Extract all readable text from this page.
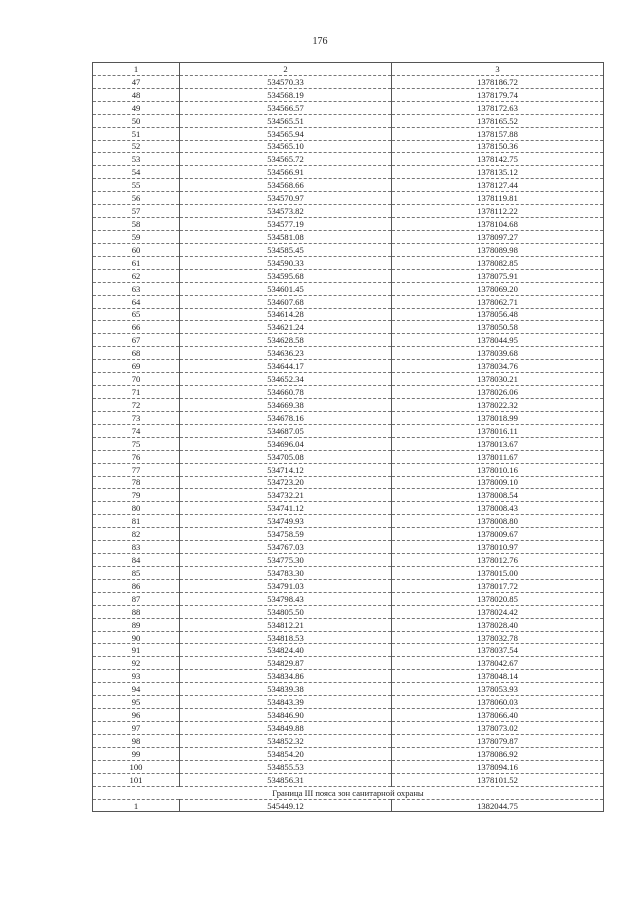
176
1	2	3
47	534570.33	1378186.72
48	534568.19	1378179.74
49	534566.57	1378172.63
50	534565.51	1378165.52
51	534565.94	1378157.88
52	534565.10	1378150.36
53	534565.72	1378142.75
54	534566.91	1378135.12
55	534568.66	1378127.44
56	534570.97	1378119.81
57	534573.82	1378112.22
58	534577.19	1378104.68
59	534581.08	1378097.27
60	534585.45	1378089.98
61	534590.33	1378082.85
62	534595.68	1378075.91
63	534601.45	1378069.20
64	534607.68	1378062.71
65	534614.28	1378056.48
66	534621.24	1378050.58
67	534628.58	1378044.95
68	534636.23	1378039.68
69	534644.17	1378034.76
70	534652.34	1378030.21
71	534660.78	1378026.06
72	534669.38	1378022.32
73	534678.16	1378018.99
74	534687.05	1378016.11
75	534696.04	1378013.67
76	534705.08	1378011.67
77	534714.12	1378010.16
78	534723.20	1378009.10
79	534732.21	1378008.54
80	534741.12	1378008.43
81	534749.93	1378008.80
82	534758.59	1378009.67
83	534767.03	1378010.97
84	534775.30	1378012.76
85	534783.30	1378015.00
86	534791.03	1378017.72
87	534798.43	1378020.85
88	534805.50	1378024.42
89	534812.21	1378028.40
90	534818.53	1378032.78
91	534824.40	1378037.54
92	534829.87	1378042.67
93	534834.86	1378048.14
94	534839.38	1378053.93
95	534843.39	1378060.03
96	534846.90	1378066.40
97	534849.88	1378073.02
98	534852.32	1378079.87
99	534854.20	1378086.92
100	534855.53	1378094.16
101	534856.31	1378101.52
Граница III пояса зон санитарной охраны		
1	545449.12	1382044.75
